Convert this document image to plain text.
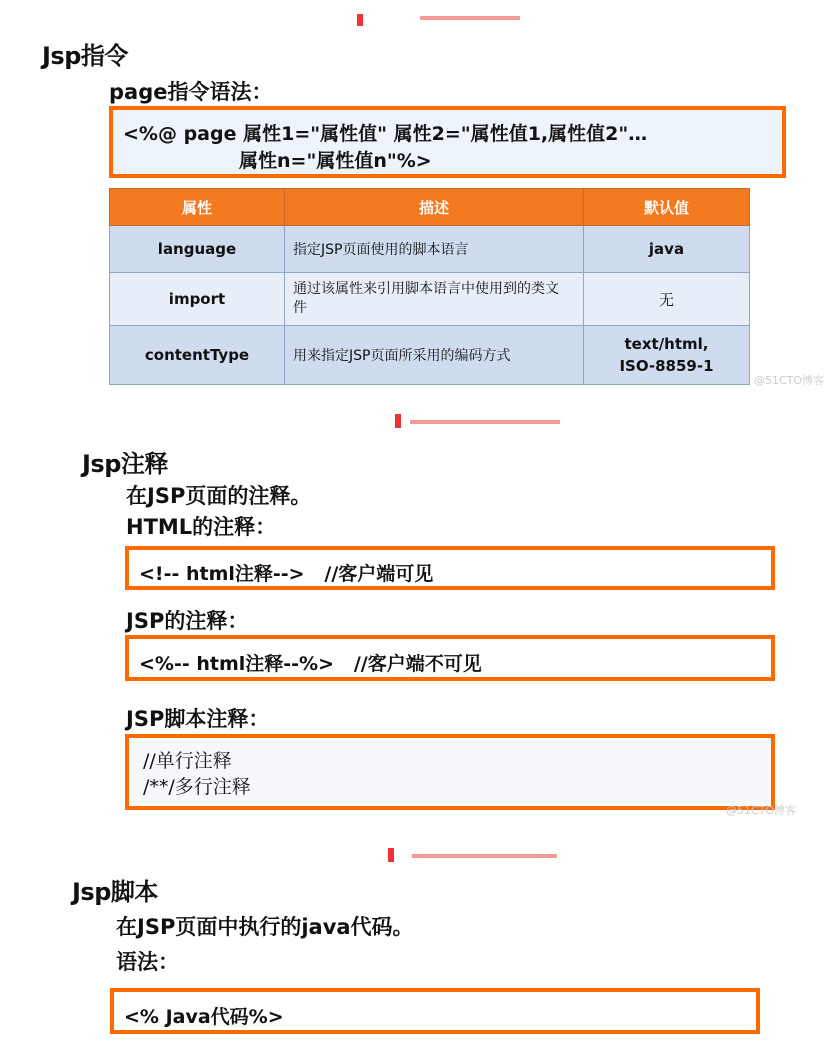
Jsp指令
page指令语法：
<%@ page 属性1="属性值" 属性2="属性值1,属性值2"…
属性n="属性值n"%>
属性	描述	默认值
language	指定JSP页面使用的脚本语言	java
import	通过该属性来引用脚本语言中使用到的类文件	无
contentType	用来指定JSP页面所采用的编码方式	text/html,
ISO-8859-1
@51CTO博客
Jsp注释
在JSP页面的注释。
HTML的注释：
<!-- html注释-->   //客户端可见
JSP的注释：
<%-- html注释--%>   //客户端不可见
JSP脚本注释：
//单行注释
/**/多行注释
@51CTO博客
Jsp脚本
在JSP页面中执行的java代码。
语法：
<% Java代码%>
